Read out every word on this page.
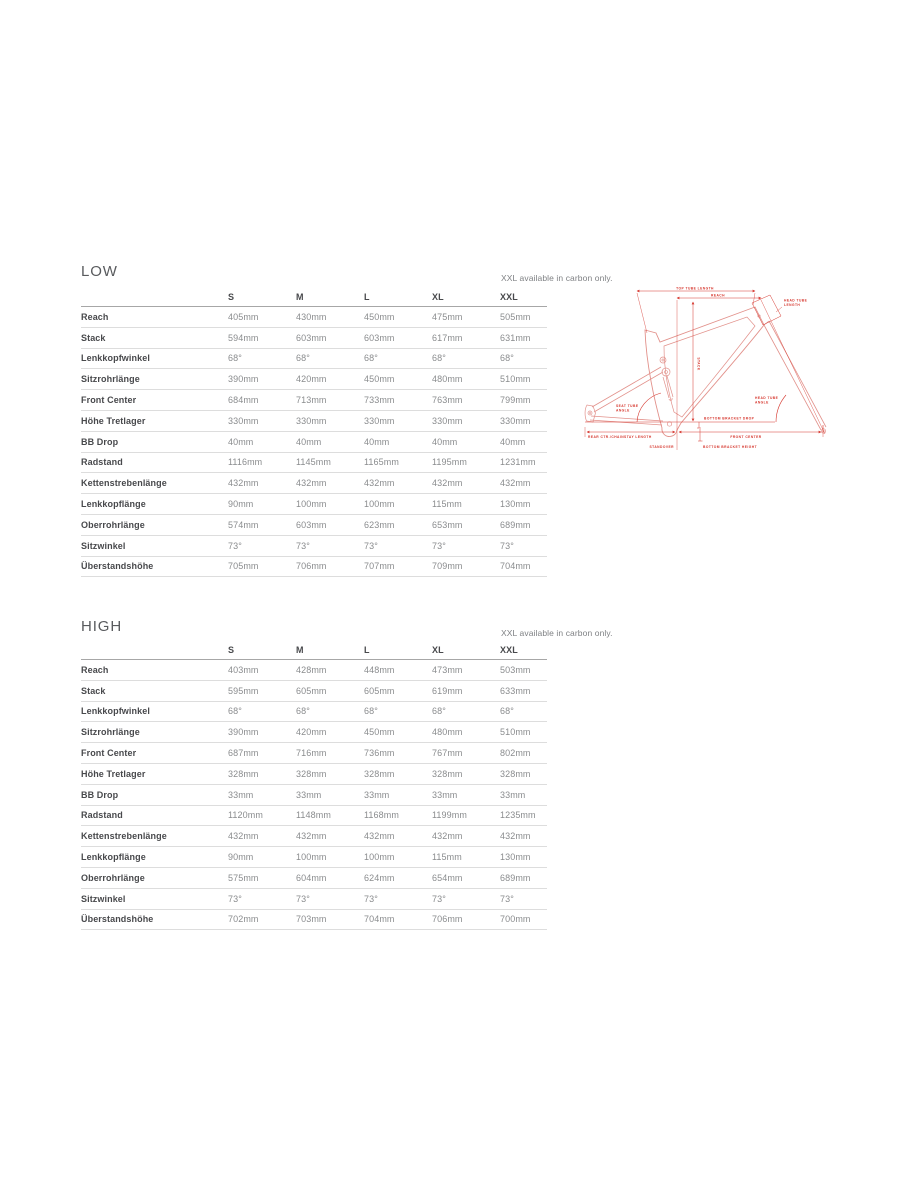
LOW	XXL available in carbon only.
S	M	L	XL	XXL
Reach	405mm	430mm	450mm	475mm	505mm
Stack	594mm	603mm	603mm	617mm	631mm
Lenkkopfwinkel	68°	68°	68°	68°	68°
Sitzrohrlänge	390mm	420mm	450mm	480mm	510mm
Front Center	684mm	713mm	733mm	763mm	799mm
Höhe Tretlager	330mm	330mm	330mm	330mm	330mm
BB Drop	40mm	40mm	40mm	40mm	40mm
Radstand	1116mm	1145mm	1165mm	1195mm	1231mm
Kettenstrebenlänge	432mm	432mm	432mm	432mm	432mm
Lenkkopflänge	90mm	100mm	100mm	115mm	130mm
Oberrohrlänge	574mm	603mm	623mm	653mm	689mm
Sitzwinkel	73°	73°	73°	73°	73°
Überstandshöhe	705mm	706mm	707mm	709mm	704mm
TOP TUBE LENGTH
REACH
HEAD TUBE
LENGTH
STACK
HEAD TUBE
ANGLE
SEAT TUBE
ANGLE
BOTTOM BRACKET DROP
REAR CTR./CHAINSTAY LENGTH	FRONT CENTER
STANDOVER	BOTTOM BRACKET HEIGHT
HIGH	XXL available in carbon only.
S	M	L	XL	XXL
Reach	403mm	428mm	448mm	473mm	503mm
Stack	595mm	605mm	605mm	619mm	633mm
Lenkkopfwinkel	68°	68°	68°	68°	68°
Sitzrohrlänge	390mm	420mm	450mm	480mm	510mm
Front Center	687mm	716mm	736mm	767mm	802mm
Höhe Tretlager	328mm	328mm	328mm	328mm	328mm
BB Drop	33mm	33mm	33mm	33mm	33mm
Radstand	1120mm	1148mm	1168mm	1199mm	1235mm
Kettenstrebenlänge	432mm	432mm	432mm	432mm	432mm
Lenkkopflänge	90mm	100mm	100mm	115mm	130mm
Oberrohrlänge	575mm	604mm	624mm	654mm	689mm
Sitzwinkel	73°	73°	73°	73°	73°
Überstandshöhe	702mm	703mm	704mm	706mm	700mm
